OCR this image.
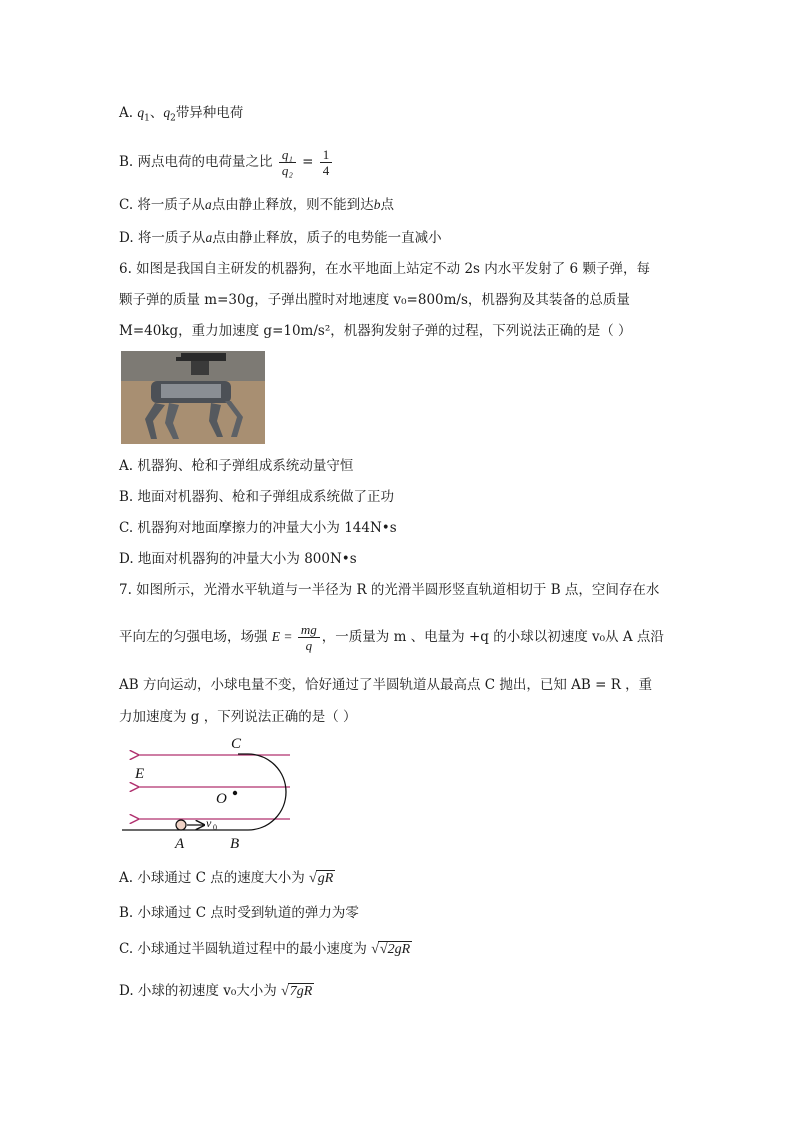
A. $q_1$、$q_2$带异种电荷
B. 两点电荷的电荷量之比 $\frac{\text{q₁}}{\text{q₂}} = \frac{1}{4}$
C. 将一质子从a点由静止释放，则不能到达b点
D. 将一质子从a点由静止释放，质子的电势能一直减小
6. 如图是我国自主研发的机器狗，在水平地面上站定不动 2s 内水平发射了 6 颗子弹，每
颗子弹的质量 m=30g，子弹出膛时对地速度 v₀=800m/s，机器狗及其装备的总质量
M=40kg，重力加速度 g=10m/s²，机器狗发射子弹的过程，下列说法正确的是（ ）
A. 机器狗、枪和子弹组成系统动量守恒
B. 地面对机器狗、枪和子弹组成系统做了正功
C. 机器狗对地面摩擦力的冲量大小为 144N•s
D. 地面对机器狗的冲量大小为 800N•s
7. 如图所示，光滑水平轨道与一半径为 R 的光滑半圆形竖直轨道相切于 B 点，空间存在水
平向左的匀强电场，场强 $E = \frac{mg}{q}$ ，一质量为 m 、电量为 +q 的小球以初速度 v₀从 A 点沿
AB 方向运动，小球电量不变，恰好通过了半圆轨道从最高点 C 抛出，已知 AB = R ，重
力加速度为 g ，下列说法正确的是（ ）
C
E
O
A	B
v 0
A. 小球通过 C 点的速度大小为 √gR
B. 小球通过 C 点时受到轨道的弹力为零
C. 小球通过半圆轨道过程中的最小速度为 √√2gR
D. 小球的初速度 v₀大小为 √7gR
